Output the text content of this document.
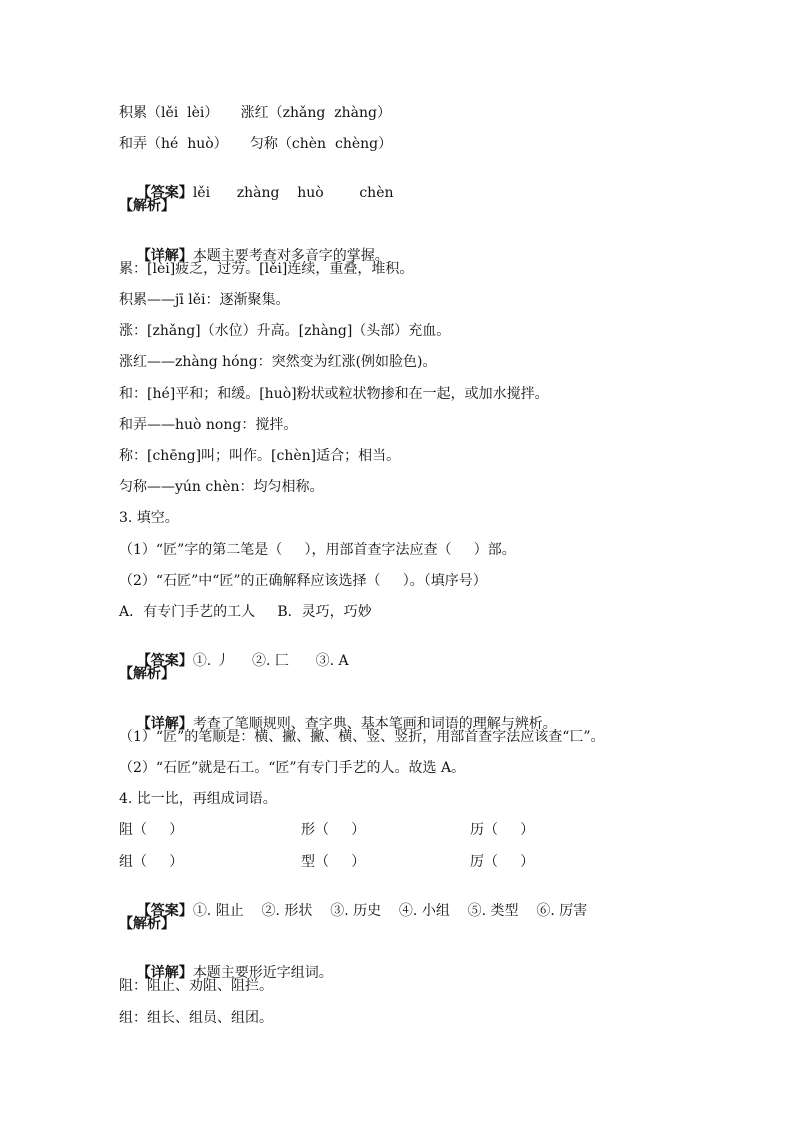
积累（lěi  lèi）     涨红（zhǎng  zhàng）
和弄（hé  huò）     匀称（chèn  chèng）

【答案】lěi      zhàng    huò        chèn

【解析】

【详解】本题主要考查对多音字的掌握。

累：[lèi]疲乏，过劳。[lěi]连续，重叠，堆积。
积累——jī lěi：逐渐聚集。
涨：[zhǎng]（水位）升高。[zhàng]（头部）充血。
涨红——zhàng hóng：突然变为红涨(例如脸色)。
和：[hé]平和；和缓。[huò]粉状或粒状物掺和在一起，或加水搅拌。
和弄——huò nong：搅拌。
称：[chēng]叫；叫作。[chèn]适合；相当。
匀称——yún chèn：均匀相称。
3. 填空。
（1）“匠”字的第二笔是（     ），用部首查字法应查（     ）部。
（2）“石匠”中“匠”的正确解释应该选择（     ）。（填序号）
A．有专门手艺的工人     B．灵巧，巧妙

【答案】①. 丿     ②. 匚      ③. A

【解析】

【详解】考查了笔顺规则、查字典、基本笔画和词语的理解与辨析。

（1）“匠”的笔顺是：横、撇、撇、横、竖、竖折，用部首查字法应该查“匸”。
（2）“石匠”就是石工。“匠”有专门手艺的人。故选 A。
4. 比一比，再组成词语。
阻（     ）	形（     ）	历（     ）
组（     ）	型（     ）	厉（     ）

【答案】①. 阻止    ②. 形状    ③. 历史    ④. 小组    ⑤. 类型    ⑥. 厉害

【解析】

【详解】本题主要形近字组词。

阻：阻止、劝阻、阻拦。
组：组长、组员、组团。
